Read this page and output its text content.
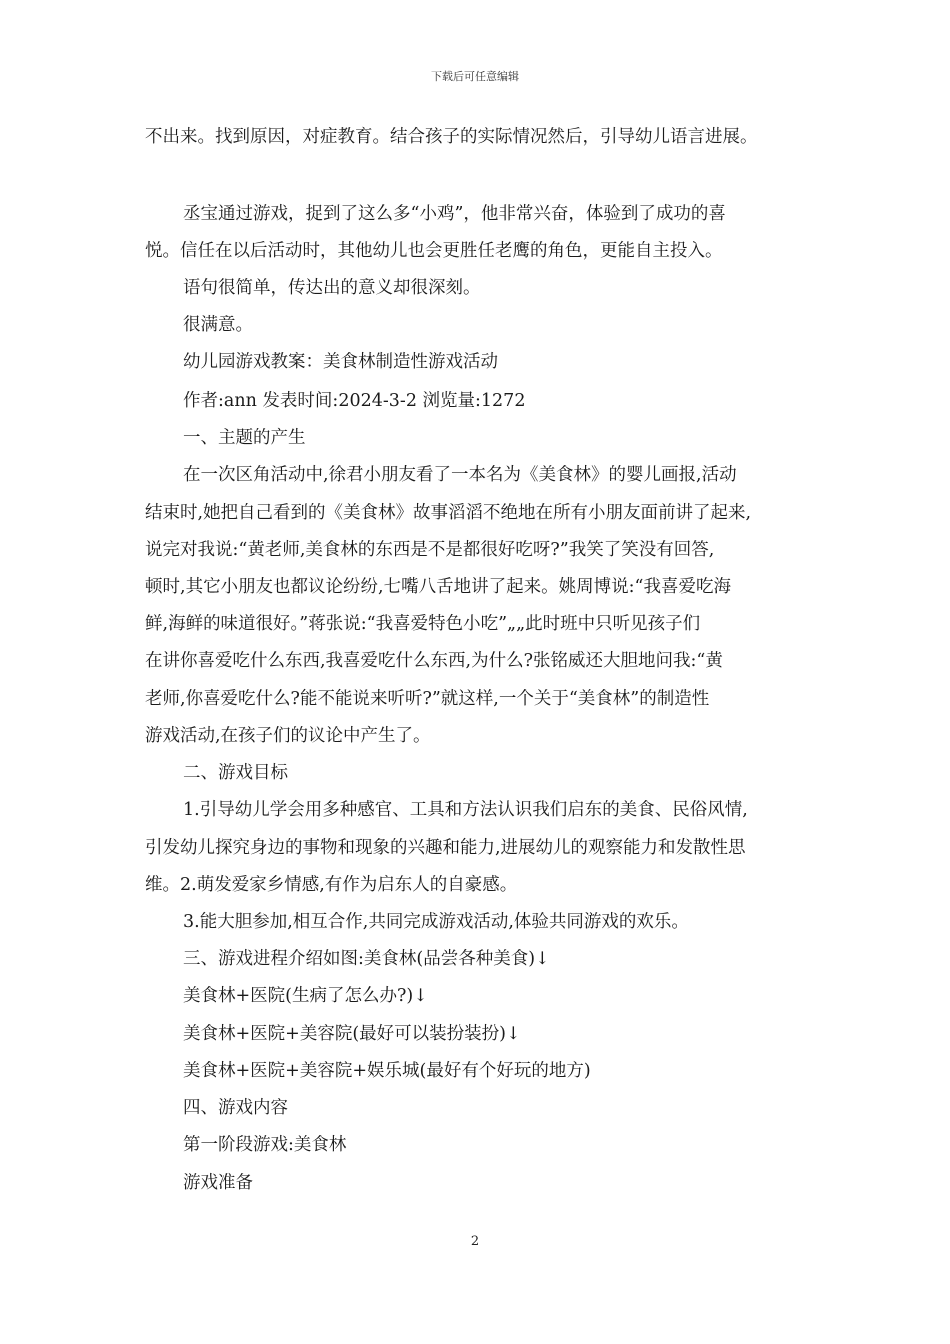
下载后可任意编辑
不出来。找到原因，对症教育。结合孩子的实际情况然后，引导幼儿语言进展。
丞宝通过游戏，捉到了这么多“小鸡”，他非常兴奋，体验到了成功的喜
悦。信任在以后活动时，其他幼儿也会更胜任老鹰的角色，更能自主投入。
语句很简单，传达出的意义却很深刻。
很满意。
幼儿园游戏教案：美食林制造性游戏活动
作者:ann 发表时间:2024-3-2 浏览量:1272
一、主题的产生
在一次区角活动中,徐君小朋友看了一本名为《美食林》的婴儿画报,活动
结束时,她把自己看到的《美食林》故事滔滔不绝地在所有小朋友面前讲了起来,
说完对我说:“黄老师,美食林的东西是不是都很好吃呀?”我笑了笑没有回答,
顿时,其它小朋友也都议论纷纷,七嘴八舌地讲了起来。姚周博说:“我喜爱吃海
鲜,海鲜的味道很好。”蒋张说:“我喜爱特色小吃”„„此时班中只听见孩子们
在讲你喜爱吃什么东西,我喜爱吃什么东西,为什么?张铭威还大胆地问我:“黄
老师,你喜爱吃什么?能不能说来听听?”就这样,一个关于“美食林”的制造性
游戏活动,在孩子们的议论中产生了。
二、游戏目标
1.引导幼儿学会用多种感官、工具和方法认识我们启东的美食、民俗风情,
引发幼儿探究身边的事物和现象的兴趣和能力,进展幼儿的观察能力和发散性思
维。2.萌发爱家乡情感,有作为启东人的自豪感。
3.能大胆参加,相互合作,共同完成游戏活动,体验共同游戏的欢乐。
三、游戏进程介绍如图:美食林(品尝各种美食)↓
美食林+医院(生病了怎么办?)↓
美食林+医院+美容院(最好可以装扮装扮)↓
美食林+医院+美容院+娱乐城(最好有个好玩的地方)
四、游戏内容
第一阶段游戏:美食林
游戏准备
2
